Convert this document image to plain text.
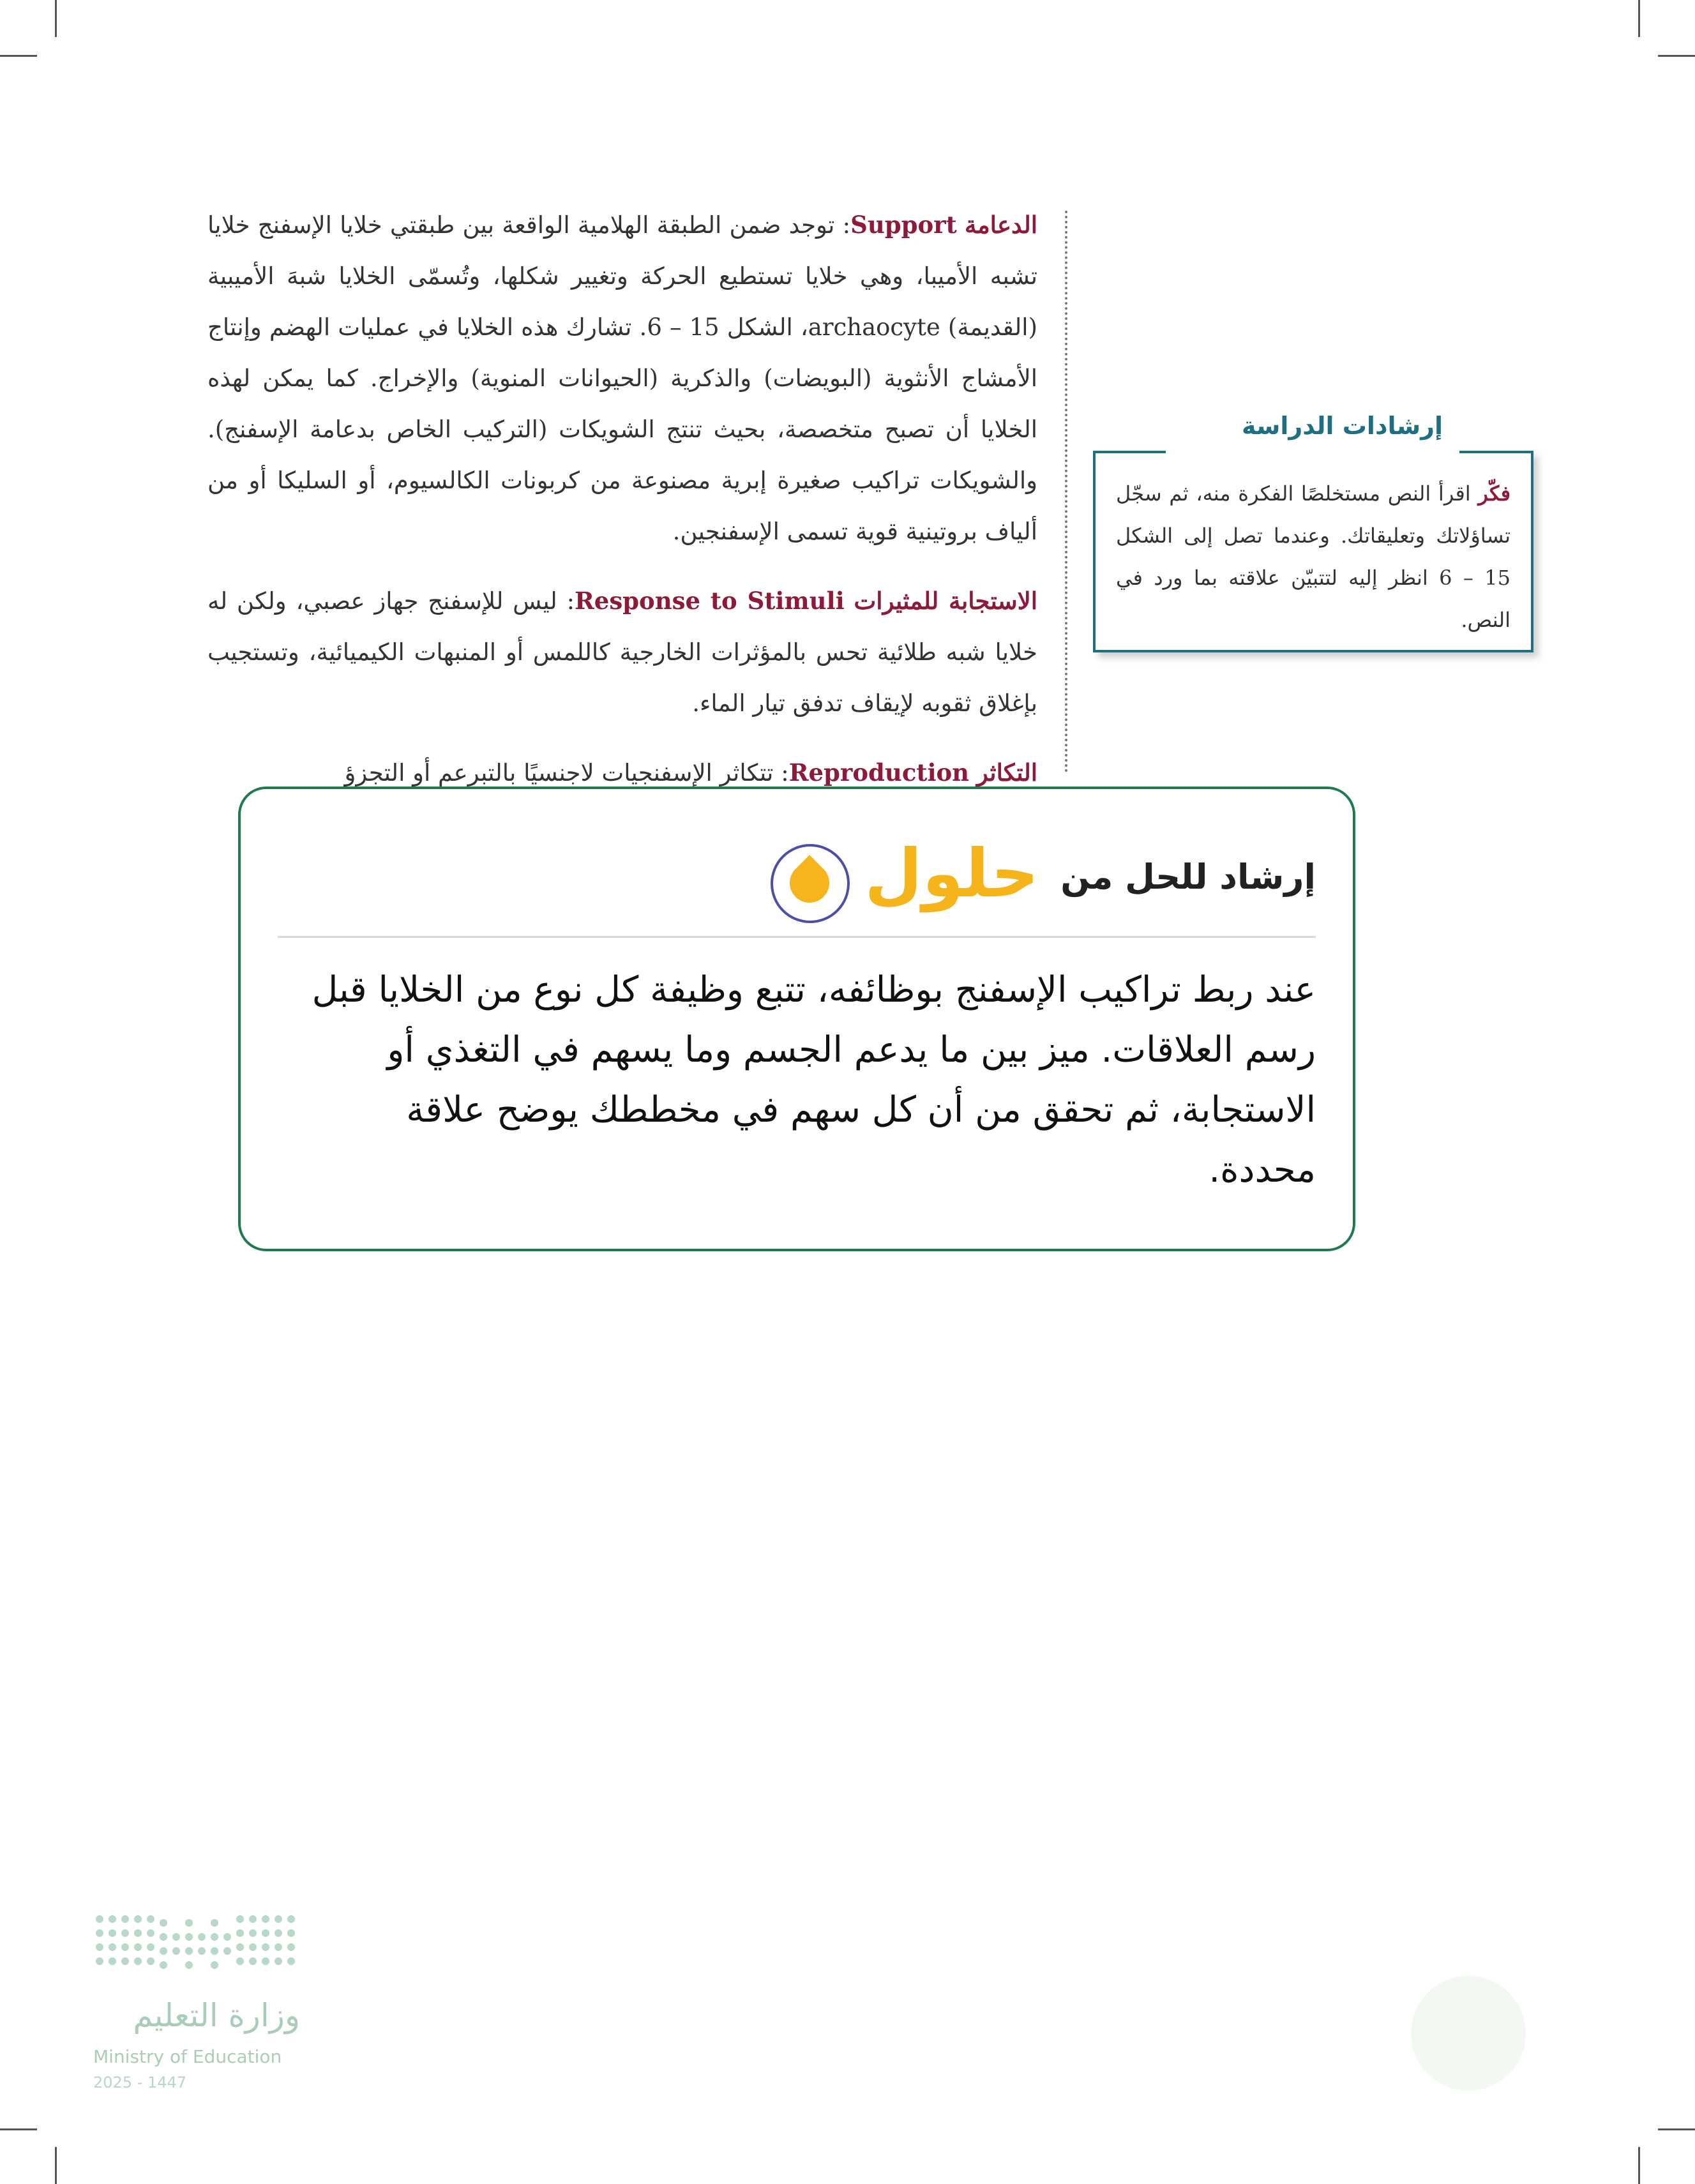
الدعامة Support: توجد ضمن الطبقة الهلامية الواقعة بين طبقتي خلايا الإسفنج خلايا تشبه الأميبا، وهي خلايا تستطيع الحركة وتغيير شكلها، وتُسمّى الخلايا شبهَ الأميبية (القديمة) archaocyte، الشكل 15 – 6. تشارك هذه الخلايا في عمليات الهضم وإنتاج الأمشاج الأنثوية (البويضات) والذكرية (الحيوانات المنوية) والإخراج. كما يمكن لهذه الخلايا أن تصبح متخصصة، بحيث تنتج الشويكات (التركيب الخاص بدعامة الإسفنج). والشويكات تراكيب صغيرة إبرية مصنوعة من كربونات الكالسيوم، أو السليكا أو من ألياف بروتينية قوية تسمى الإسفنجين.

الاستجابة للمثيرات Response to Stimuli: ليس للإسفنج جهاز عصبي، ولكن له خلايا شبه طلائية تحس بالمؤثرات الخارجية كاللمس أو المنبهات الكيميائية، وتستجيب بإغلاق ثقوبه لإيقاف تدفق تيار الماء.

التكاثر Reproduction: تتكاثر الإسفنجيات لاجنسيًا بالتبرعم أو التجزؤ

فكّر اقرأ النص مستخلصًا الفكرة منه، ثم سجّل تساؤلاتك وتعليقاتك. وعندما تصل إلى الشكل 15 – 6 انظر إليه لتتبيّن علاقته بما ورد في النص.
إرشادات الدراسة
إرشاد للحل من
حلول
عند ربط تراكيب الإسفنج بوظائفه، تتبع وظيفة كل نوع من الخلايا قبل رسم العلاقات. ميز بين ما يدعم الجسم وما يسهم في التغذي أو الاستجابة، ثم تحقق من أن كل سهم في مخططك يوضح علاقة محددة.
وزارة التعليم
Ministry of Education
2025 - 1447
